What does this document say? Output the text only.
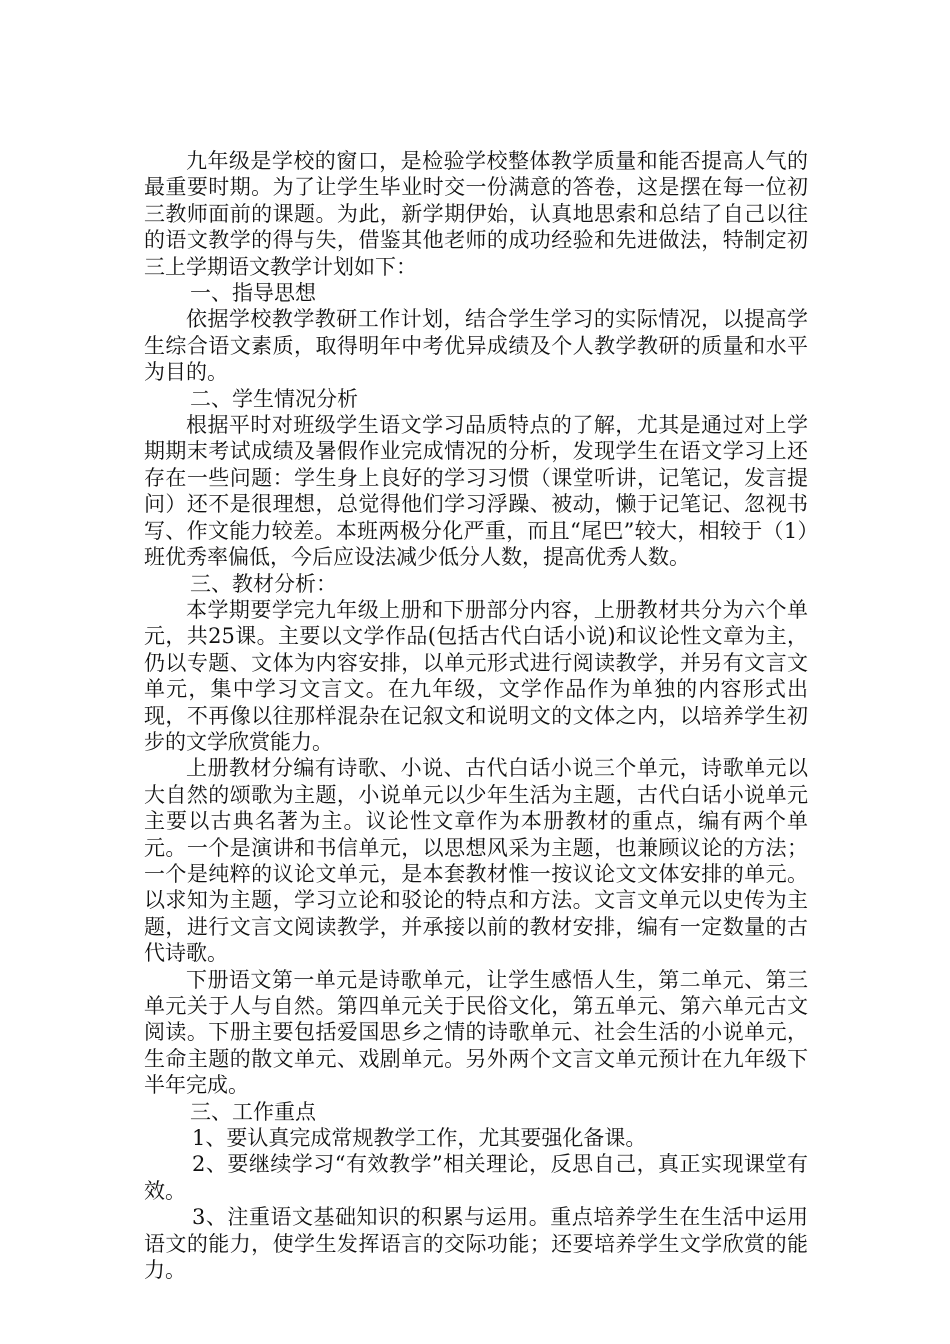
九年级是学校的窗口，是检验学校整体教学质量和能否提高人气的最重要时期。为了让学生毕业时交一份满意的答卷，这是摆在每一位初三教师面前的课题。为此，新学期伊始，认真地思索和总结了自己以往的语文教学的得与失，借鉴其他老师的成功经验和先进做法，特制定初三上学期语文教学计划如下：

一、指导思想

依据学校教学教研工作计划，结合学生学习的实际情况，以提高学生综合语文素质，取得明年中考优异成绩及个人教学教研的质量和水平为目的。

二、学生情况分析

根据平时对班级学生语文学习品质特点的了解，尤其是通过对上学期期末考试成绩及暑假作业完成情况的分析，发现学生在语文学习上还存在一些问题：学生身上良好的学习习惯（课堂听讲，记笔记，发言提问）还不是很理想，总觉得他们学习浮躁、被动，懒于记笔记、忽视书写、作文能力较差。本班两极分化严重，而且“尾巴”较大，相较于（1）班优秀率偏低，今后应设法减少低分人数，提高优秀人数。

三、教材分析：

本学期要学完九年级上册和下册部分内容，上册教材共分为六个单元，共25课。主要以文学作品(包括古代白话小说)和议论性文章为主，仍以专题、文体为内容安排，以单元形式进行阅读教学，并另有文言文单元，集中学习文言文。在九年级，文学作品作为单独的内容形式出现，不再像以往那样混杂在记叙文和说明文的文体之内，以培养学生初步的文学欣赏能力。

上册教材分编有诗歌、小说、古代白话小说三个单元，诗歌单元以大自然的颂歌为主题，小说单元以少年生活为主题，古代白话小说单元主要以古典名著为主。议论性文章作为本册教材的重点，编有两个单元。一个是演讲和书信单元，以思想风采为主题，也兼顾议论的方法；一个是纯粹的议论文单元，是本套教材惟一按议论文文体安排的单元。以求知为主题，学习立论和驳论的特点和方法。文言文单元以史传为主题，进行文言文阅读教学，并承接以前的教材安排，编有一定数量的古代诗歌。

下册语文第一单元是诗歌单元，让学生感悟人生，第二单元、第三单元关于人与自然。第四单元关于民俗文化，第五单元、第六单元古文阅读。下册主要包括爱国思乡之情的诗歌单元、社会生活的小说单元，生命主题的散文单元、戏剧单元。另外两个文言文单元预计在九年级下半年完成。

三、工作重点

1、要认真完成常规教学工作，尤其要强化备课。

2、要继续学习“有效教学”相关理论，反思自己，真正实现课堂有效。

3、注重语文基础知识的积累与运用。重点培养学生在生活中运用语文的能力，使学生发挥语言的交际功能；还要培养学生文学欣赏的能力。
